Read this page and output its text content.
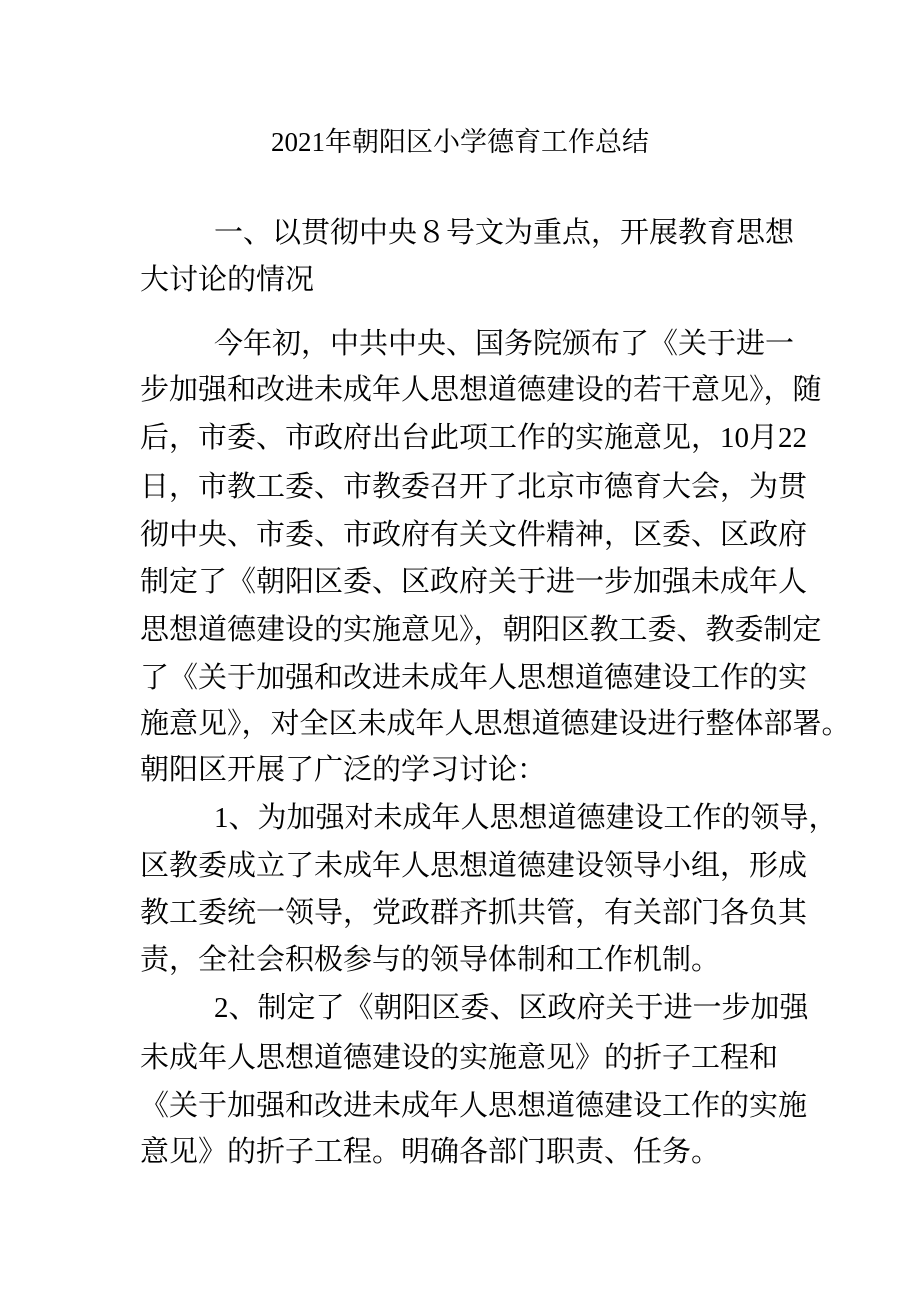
2021年朝阳区小学德育工作总结
一、以贯彻中央８号文为重点，开展教育思想
大讨论的情况
今年初，中共中央、国务院颁布了《关于进一
步加强和改进未成年人思想道德建设的若干意见》，随
后，市委、市政府出台此项工作的实施意见，10月22
日，市教工委、市教委召开了北京市德育大会，为贯
彻中央、市委、市政府有关文件精神，区委、区政府
制定了《朝阳区委、区政府关于进一步加强未成年人
思想道德建设的实施意见》，朝阳区教工委、教委制定
了《关于加强和改进未成年人思想道德建设工作的实
施意见》，对全区未成年人思想道德建设进行整体部署。
朝阳区开展了广泛的学习讨论：
1、为加强对未成年人思想道德建设工作的领导，
区教委成立了未成年人思想道德建设领导小组，形成
教工委统一领导，党政群齐抓共管，有关部门各负其
责，全社会积极参与的领导体制和工作机制。
2、制定了《朝阳区委、区政府关于进一步加强
未成年人思想道德建设的实施意见》的折子工程和
《关于加强和改进未成年人思想道德建设工作的实施
意见》的折子工程。明确各部门职责、任务。
